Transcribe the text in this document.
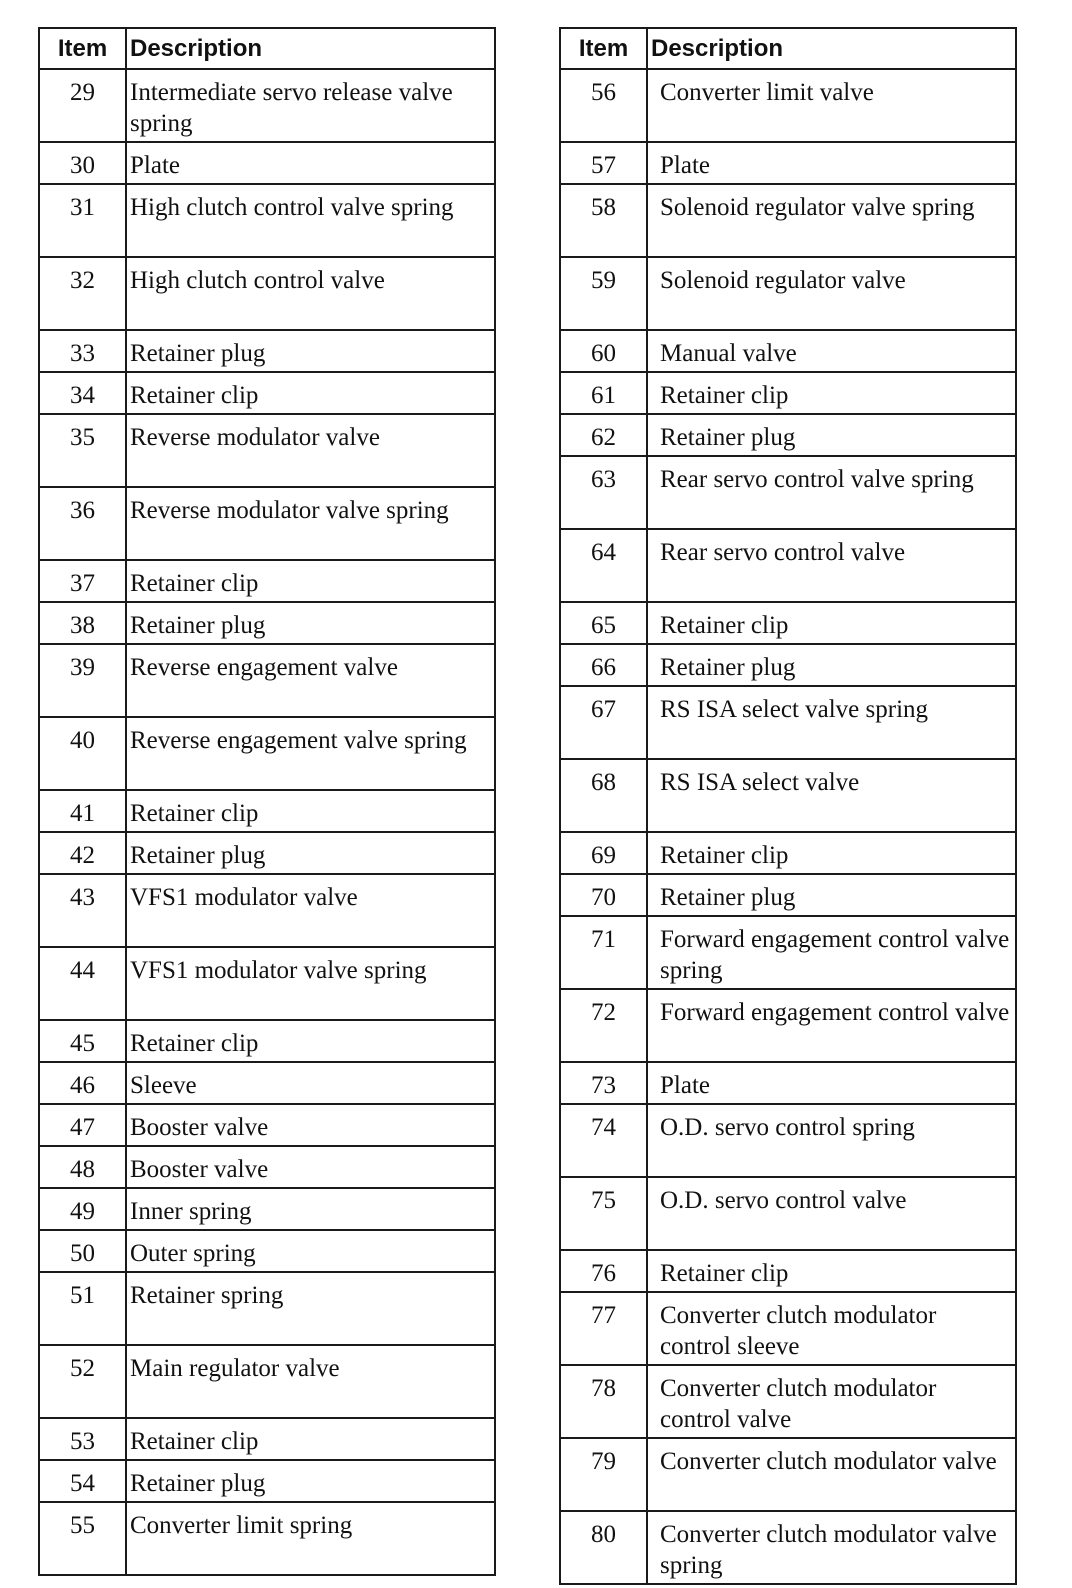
Item	Description
29	Intermediate servo release valve spring
30	Plate
31	High clutch control valve spring
32	High clutch control valve
33	Retainer plug
34	Retainer clip
35	Reverse modulator valve
36	Reverse modulator valve spring
37	Retainer clip
38	Retainer plug
39	Reverse engagement valve
40	Reverse engagement valve spring
41	Retainer clip
42	Retainer plug
43	VFS1 modulator valve
44	VFS1 modulator valve spring
45	Retainer clip
46	Sleeve
47	Booster valve
48	Booster valve
49	Inner spring
50	Outer spring
51	Retainer spring
52	Main regulator valve
53	Retainer clip
54	Retainer plug
55	Converter limit spring
Item	Description
56	Converter limit valve
57	Plate
58	Solenoid regulator valve spring
59	Solenoid regulator valve
60	Manual valve
61	Retainer clip
62	Retainer plug
63	Rear servo control valve spring
64	Rear servo control valve
65	Retainer clip
66	Retainer plug
67	RS ISA select valve spring
68	RS ISA select valve
69	Retainer clip
70	Retainer plug
71	Forward engagement control valve spring
72	Forward engagement control valve
73	Plate
74	O.D. servo control spring
75	O.D. servo control valve
76	Retainer clip
77	Converter clutch modulator control sleeve
78	Converter clutch modulator control valve
79	Converter clutch modulator valve
80	Converter clutch modulator valve spring
